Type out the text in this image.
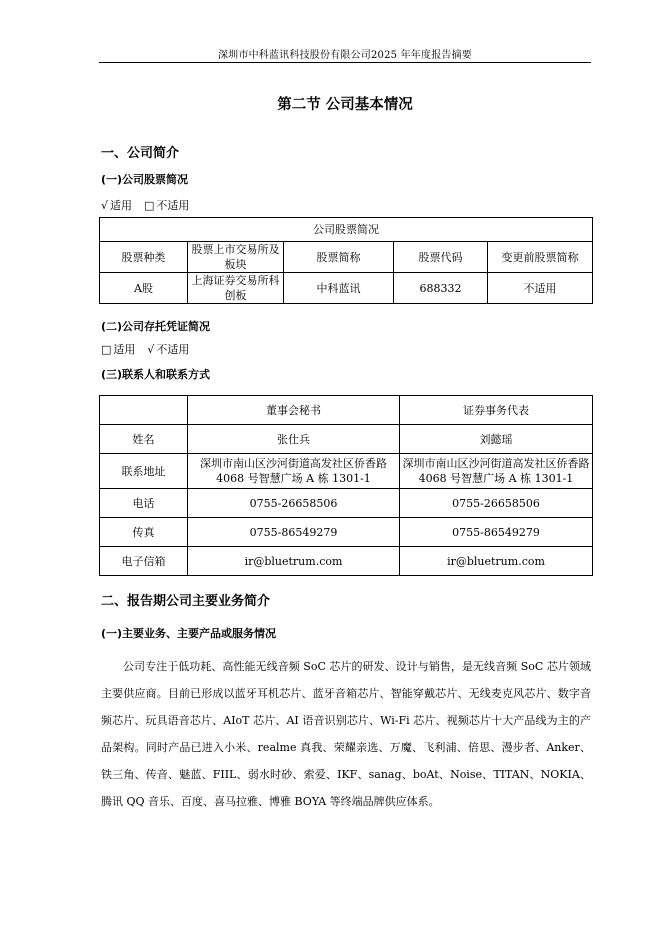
深圳市中科蓝讯科技股份有限公司2025 年年度报告摘要
第二节 公司基本情况
一、公司简介
(一)公司股票简况
√ 适用 □ 不适用
公司股票简况				
股票种类	股票上市交易所及板块	股票简称	股票代码	变更前股票简称
A股	上海证券交易所科创板	中科蓝讯	688332	不适用
(二)公司存托凭证简况
□ 适用 √ 不适用
(三)联系人和联系方式
	董事会秘书	证券事务代表
姓名	张仕兵	刘懿瑶
联系地址	深圳市南山区沙河街道高发社区侨香路4068 号智慧广场 A 栋 1301-1	深圳市南山区沙河街道高发社区侨香路 4068 号智慧广场 A 栋 1301-1
电话	0755-26658506	0755-26658506
传真	0755-86549279	0755-86549279
电子信箱	ir@bluetrum.com	ir@bluetrum.com
二、报告期公司主要业务简介
(一)主要业务、主要产品或服务情况

公司专注于低功耗、高性能无线音频 SoC 芯片的研发、设计与销售，是无线音频 SoC 芯片领域主要供应商。目前已形成以蓝牙耳机芯片、蓝牙音箱芯片、智能穿戴芯片、无线麦克风芯片、数字音频芯片、玩具语音芯片、AIoT 芯片、AI 语音识别芯片、Wi-Fi 芯片、视频芯片十大产品线为主的产品架构。同时产品已进入小米、realme 真我、荣耀亲选、万魔、飞利浦、倍思、漫步者、Anker、铁三角、传音、魅蓝、FIIL、弱水时砂、索爱、IKF、sanag、boAt、Noise、TITAN、NOKIA、腾讯 QQ 音乐、百度、喜马拉雅、博雅 BOYA 等终端品牌供应体系。
